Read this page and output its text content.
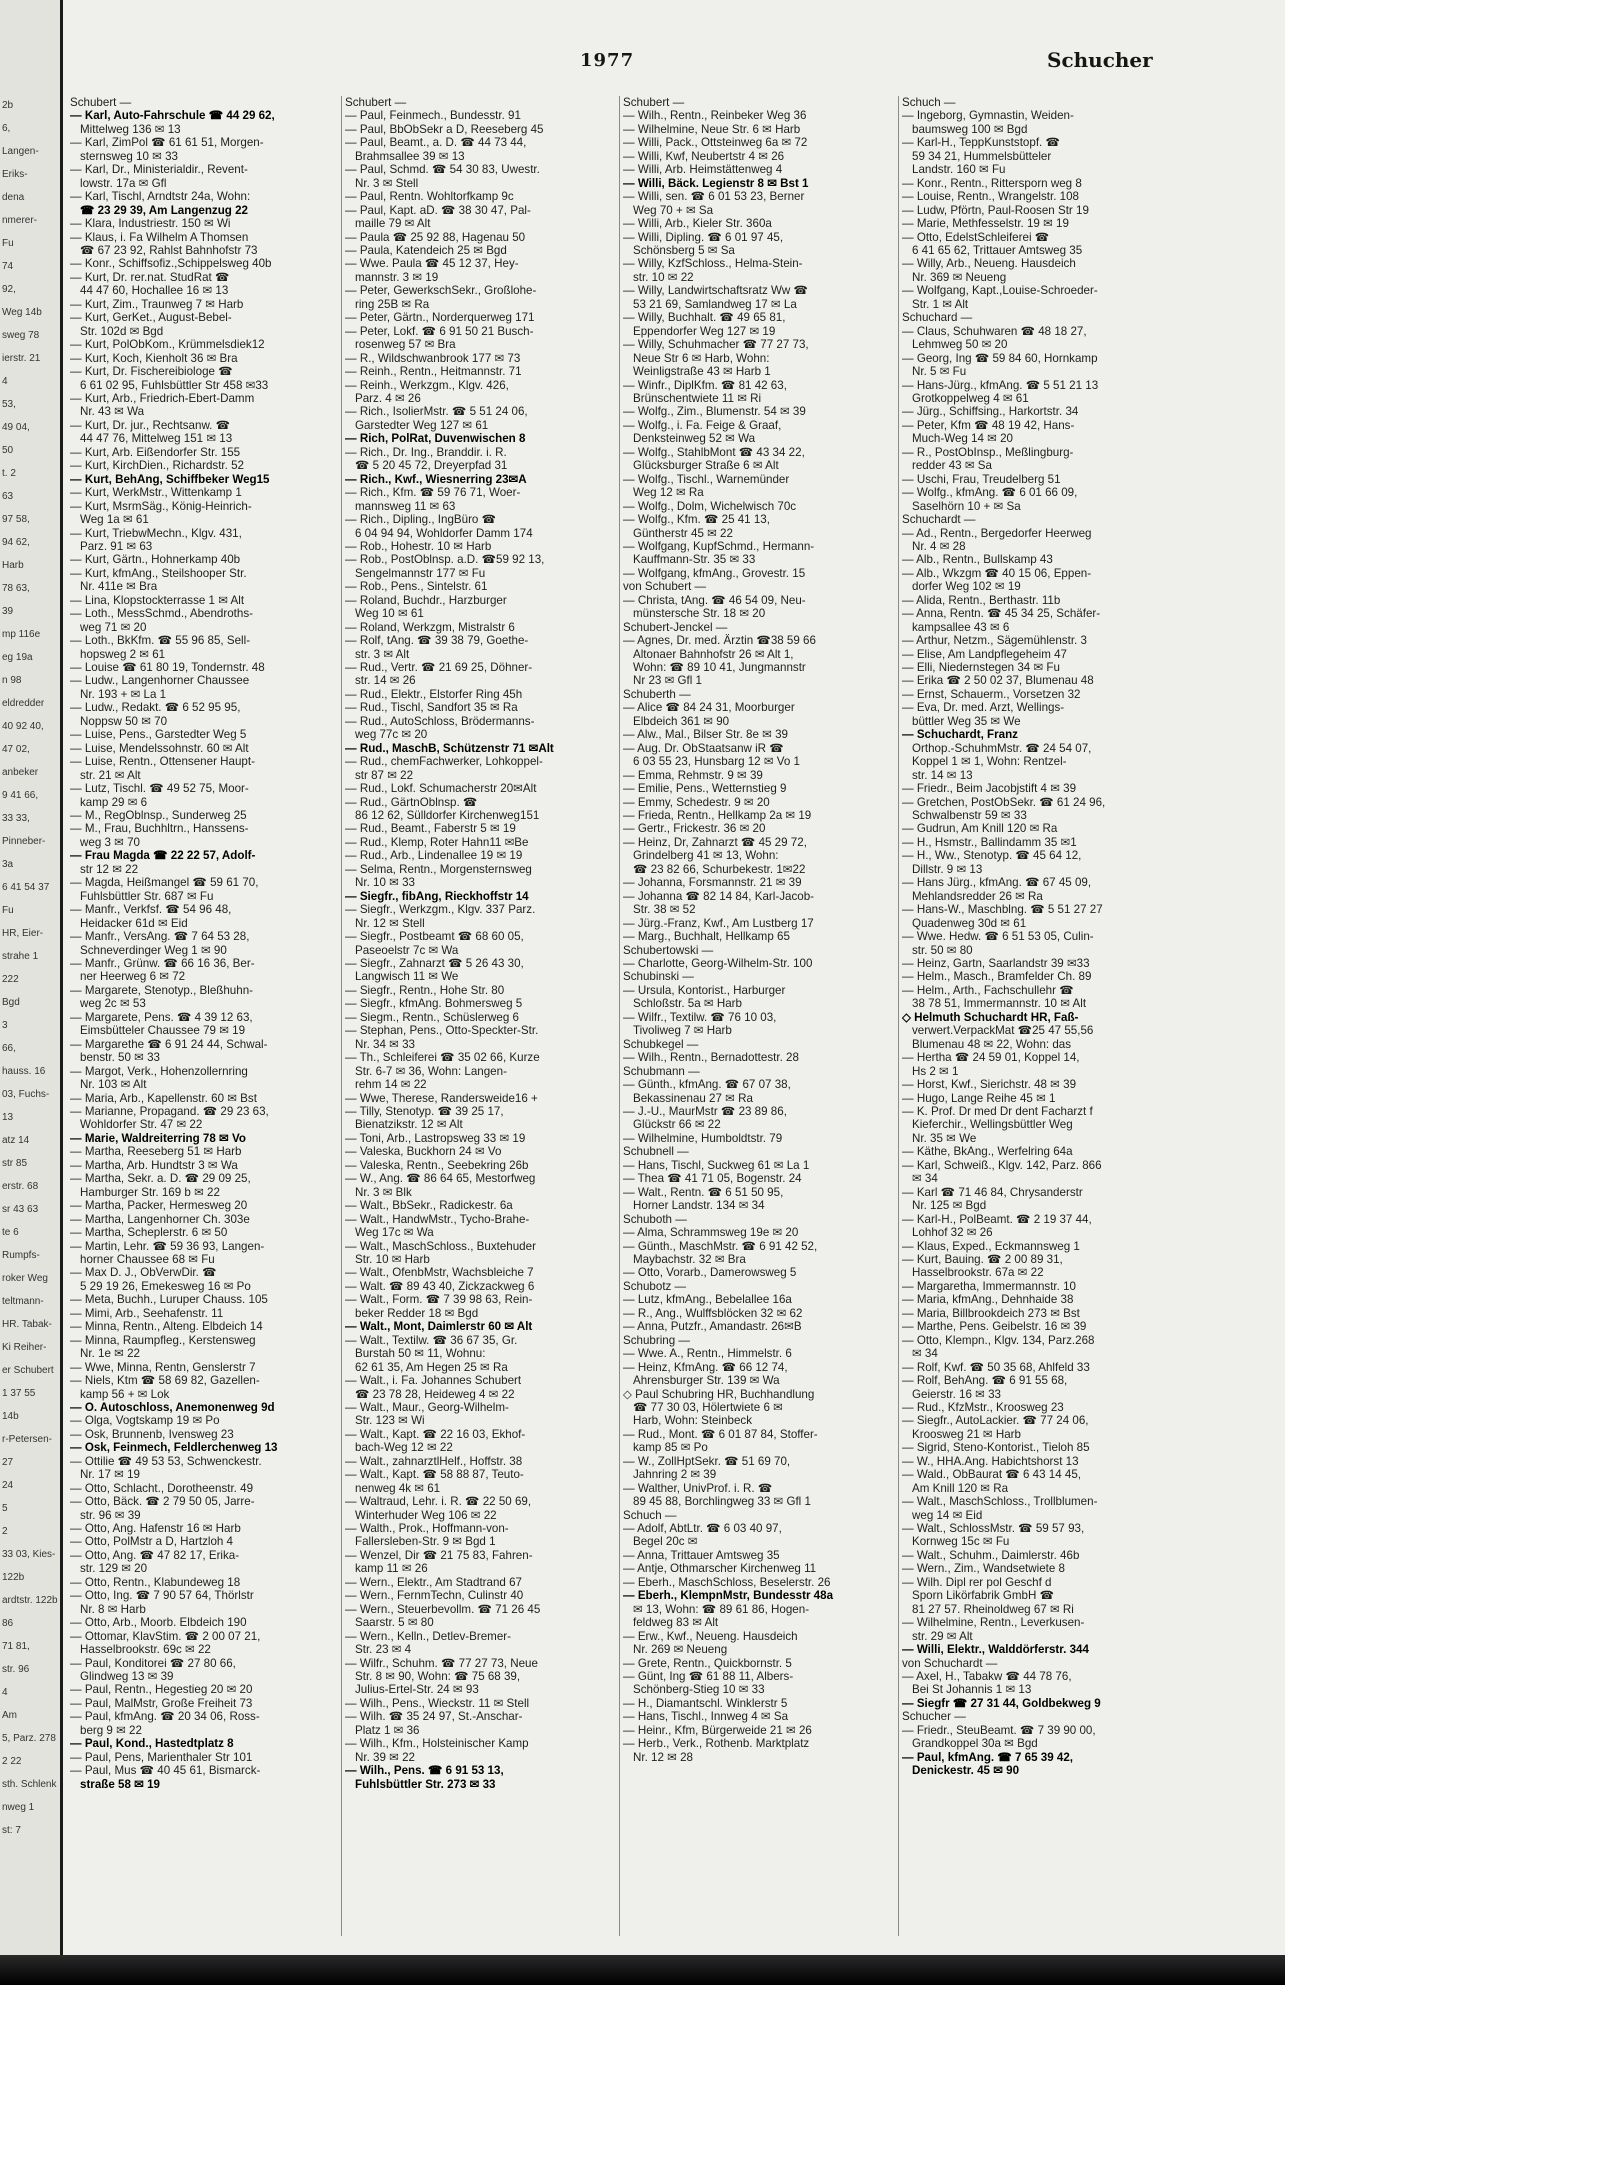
2b
6,
Langen-
Eriks-
dena
nmerer-
Fu
74
92,
Weg 14b
sweg 78
ierstr. 21
4
53,
49 04,
50
t. 2
63
97 58,
94 62,
Harb
78 63,
39
mp 116e
eg 19a
n 98
eldredder
40 92 40,
47 02,
anbeker
9 41 66,
33 33,
Pinneber-
3a
6 41 54 37
Fu
HR, Eier-
strahe 1
222
Bgd
3
66,
hauss. 16
03, Fuchs-
13
atz 14
str 85
erstr. 68
sr 43 63
te 6
Rumpfs-
roker Weg
teltmann-
HR. Tabak-
Ki Reiher-
er Schubert
1 37 55
14b
r-Petersen-
27
24
5
2
33 03, Kies-
122b
ardtstr. 122b
86
71 81,
str. 96
4
Am
5, Parz. 278
2 22
sth. Schlenk
nweg 1
st: 7
1977	Schucher
Schubert —
— Karl, Auto-Fahrschule ☎ 44 29 62,
Mittelweg 136 ✉ 13
— Karl, ZimPol ☎ 61 61 51, Morgen-
sternsweg 10 ✉ 33
— Karl, Dr., Ministerialdir., Revent-
lowstr. 17a ✉ Gfl
— Karl, Tischl, Arndtstr 24a, Wohn:
☎ 23 29 39, Am Langenzug 22
— Klara, Industriestr. 150 ✉ Wi
— Klaus, i. Fa Wilhelm A Thomsen
☎ 67 23 92, Rahlst Bahnhofstr 73
— Konr., Schiffsofiz.,Schippelsweg 40b
— Kurt, Dr. rer.nat. StudRat ☎
44 47 60, Hochallee 16 ✉ 13
— Kurt, Zim., Traunweg 7 ✉ Harb
— Kurt, GerKet., August-Bebel-
Str. 102d ✉ Bgd
— Kurt, PolObKom., Krümmelsdiek12
— Kurt, Koch, Kienholt 36 ✉ Bra
— Kurt, Dr. Fischereibiologe ☎
6 61 02 95, Fuhlsbüttler Str 458 ✉33
— Kurt, Arb., Friedrich-Ebert-Damm
Nr. 43 ✉ Wa
— Kurt, Dr. jur., Rechtsanw. ☎
44 47 76, Mittelweg 151 ✉ 13
— Kurt, Arb. Eißendorfer Str. 155
— Kurt, KirchDien., Richardstr. 52
— Kurt, BehAng, Schiffbeker Weg15
— Kurt, WerkMstr., Wittenkamp 1
— Kurt, MsrmSäg., König-Heinrich-
Weg 1a ✉ 61
— Kurt, TriebwMechn., Klgv. 431,
Parz. 91 ✉ 63
— Kurt, Gärtn., Hohnerkamp 40b
— Kurt, kfmAng., Steilshooper Str.
Nr. 411e ✉ Bra
— Lina, Klopstockterrasse 1 ✉ Alt
— Loth., MessSchmd., Abendroths-
weg 71 ✉ 20
— Loth., BkKfm. ☎ 55 96 85, Sell-
hopsweg 2 ✉ 61
— Louise ☎ 61 80 19, Tondernstr. 48
— Ludw., Langenhorner Chaussee
Nr. 193 + ✉ La 1
— Ludw., Redakt. ☎ 6 52 95 95,
Noppsw 50 ✉ 70
— Luise, Pens., Garstedter Weg 5
— Luise, Mendelssohnstr. 60 ✉ Alt
— Luise, Rentn., Ottensener Haupt-
str. 21 ✉ Alt
— Lutz, Tischl. ☎ 49 52 75, Moor-
kamp 29 ✉ 6
— M., RegOblnsp., Sunderweg 25
— M., Frau, Buchhltrn., Hanssens-
weg 3 ✉ 70
— Frau Magda ☎ 22 22 57, Adolf-
str 12 ✉ 22
— Magda, Heißmangel ☎ 59 61 70,
Fuhlsbüttler Str. 687 ✉ Fu
— Manfr., Verkfsf. ☎ 54 96 48,
Heidacker 61d ✉ Eid
— Manfr., VersAng. ☎ 7 64 53 28,
Schneverdinger Weg 1 ✉ 90
— Manfr., Grünw. ☎ 66 16 36, Ber-
ner Heerweg 6 ✉ 72
— Margarete, Stenotyp., Bleßhuhn-
weg 2c ✉ 53
— Margarete, Pens. ☎ 4 39 12 63,
Eimsbütteler Chaussee 79 ✉ 19
— Margarethe ☎ 6 91 24 44, Schwal-
benstr. 50 ✉ 33
— Margot, Verk., Hohenzollernring
Nr. 103 ✉ Alt
— Maria, Arb., Kapellenstr. 60 ✉ Bst
— Marianne, Propagand. ☎ 29 23 63,
Wohldorfer Str. 47 ✉ 22
— Marie, Waldreiterring 78 ✉ Vo
— Martha, Reeseberg 51 ✉ Harb
— Martha, Arb. Hundtstr 3 ✉ Wa
— Martha, Sekr. a. D. ☎ 29 09 25,
Hamburger Str. 169 b ✉ 22
— Martha, Packer, Hermesweg 20
— Martha, Langenhorner Ch. 303e
— Martha, Scheplerstr. 6 ✉ 50
— Martin, Lehr. ☎ 59 36 93, Langen-
horner Chaussee 68 ✉ Fu
— Max D. J., ObVerwDir. ☎
5 29 19 26, Emekesweg 16 ✉ Po
— Meta, Buchh., Luruper Chauss. 105
— Mimi, Arb., Seehafenstr. 11
— Minna, Rentn., Alteng. Elbdeich 14
— Minna, Raumpfleg., Kerstensweg
Nr. 1e ✉ 22
— Wwe, Minna, Rentn, Genslerstr 7
— Niels, Ktm ☎ 58 69 82, Gazellen-
kamp 56 + ✉ Lok
— O. Autoschloss, Anemonenweg 9d
— Olga, Vogtskamp 19 ✉ Po
— Osk, Brunnenb, Ivensweg 23
— Osk, Feinmech, Feldlerchenweg 13
— Ottilie ☎ 49 53 53, Schwenckestr.
Nr. 17 ✉ 19
— Otto, Schlacht., Dorotheenstr. 49
— Otto, Bäck. ☎ 2 79 50 05, Jarre-
str. 96 ✉ 39
— Otto, Ang. Hafenstr 16 ✉ Harb
— Otto, PolMstr a D, Hartzloh 4
— Otto, Ang. ☎ 47 82 17, Erika-
str. 129 ✉ 20
— Otto, Rentn., Klabundeweg 18
— Otto, Ing. ☎ 7 90 57 64, Thörlstr
Nr. 8 ✉ Harb
— Otto, Arb., Moorb. Elbdeich 190
— Ottomar, KlavStim. ☎ 2 00 07 21,
Hasselbrookstr. 69c ✉ 22
— Paul, Konditorei ☎ 27 80 66,
Glindweg 13 ✉ 39
— Paul, Rentn., Hegestieg 20 ✉ 20
— Paul, MalMstr, Große Freiheit 73
— Paul, kfmAng. ☎ 20 34 06, Ross-
berg 9 ✉ 22
— Paul, Kond., Hastedtplatz 8
— Paul, Pens, Marienthaler Str 101
— Paul, Mus ☎ 40 45 61, Bismarck-
straße 58 ✉ 19
Schubert —
— Paul, Feinmech., Bundesstr. 91
— Paul, BbObSekr a D, Reeseberg 45
— Paul, Beamt., a. D. ☎ 44 73 44,
Brahmsallee 39 ✉ 13
— Paul, Schmd. ☎ 54 30 83, Uwestr.
Nr. 3 ✉ Stell
— Paul, Rentn. Wohltorfkamp 9c
— Paul, Kapt. aD. ☎ 38 30 47, Pal-
maille 79 ✉ Alt
— Paula ☎ 25 92 88, Hagenau 50
— Paula, Katendeich 25 ✉ Bgd
— Wwe. Paula ☎ 45 12 37, Hey-
mannstr. 3 ✉ 19
— Peter, GewerkschSekr., Großlohe-
ring 25B ✉ Ra
— Peter, Gärtn., Norderquerweg 171
— Peter, Lokf. ☎ 6 91 50 21 Busch-
rosenweg 57 ✉ Bra
— R., Wildschwanbrook 177 ✉ 73
— Reinh., Rentn., Heitmannstr. 71
— Reinh., Werkzgm., Klgv. 426,
Parz. 4 ✉ 26
— Rich., IsolierMstr. ☎ 5 51 24 06,
Garstedter Weg 127 ✉ 61
— Rich, PolRat, Duvenwischen 8
— Rich., Dr. Ing., Branddir. i. R.
☎ 5 20 45 72, Dreyerpfad 31
— Rich., Kwf., Wiesnerring 23✉A
— Rich., Kfm. ☎ 59 76 71, Woer-
mannsweg 11 ✉ 63
— Rich., Dipling., IngBüro ☎
6 04 94 94, Wohldorfer Damm 174
— Rob., Hohestr. 10 ✉ Harb
— Rob., PostOblnsp. a.D. ☎59 92 13,
Sengelmannstr 177 ✉ Fu
— Rob., Pens., Sintelstr. 61
— Roland, Buchdr., Harzburger
Weg 10 ✉ 61
— Roland, Werkzgm, Mistralstr 6
— Rolf, tAng. ☎ 39 38 79, Goethe-
str. 3 ✉ Alt
— Rud., Vertr. ☎ 21 69 25, Döhner-
str. 14 ✉ 26
— Rud., Elektr., Elstorfer Ring 45h
— Rud., Tischl, Sandfort 35 ✉ Ra
— Rud., AutoSchloss, Brödermanns-
weg 77c ✉ 20
— Rud., MaschB, Schützenstr 71 ✉Alt
— Rud., chemFachwerker, Lohkoppel-
str 87 ✉ 22
— Rud., Lokf. Schumacherstr 20✉Alt
— Rud., GärtnOblnsp. ☎
86 12 62, Sülldorfer Kirchenweg151
— Rud., Beamt., Faberstr 5 ✉ 19
— Rud., Klemp, Roter Hahn11 ✉Be
— Rud., Arb., Lindenallee 19 ✉ 19
— Selma, Rentn., Morgensternsweg
Nr. 10 ✉ 33
— Siegfr., fibAng, Rieckhoffstr 14
— Siegfr., Werkzgm., Klgv. 337 Parz.
Nr. 12 ✉ Stell
— Siegfr., Postbeamt ☎ 68 60 05,
Paseoelstr 7c ✉ Wa
— Siegfr., Zahnarzt ☎ 5 26 43 30,
Langwisch 11 ✉ We
— Siegfr., Rentn., Hohe Str. 80
— Siegfr., kfmAng. Bohmersweg 5
— Siegm., Rentn., Schüslerweg 6
— Stephan, Pens., Otto-Speckter-Str.
Nr. 34 ✉ 33
— Th., Schleiferei ☎ 35 02 66, Kurze
Str. 6-7 ✉ 36, Wohn: Langen-
rehm 14 ✉ 22
— Wwe, Therese, Randersweide16 +
— Tilly, Stenotyp. ☎ 39 25 17,
Bienatzikstr. 12 ✉ Alt
— Toni, Arb., Lastropsweg 33 ✉ 19
— Valeska, Buckhorn 24 ✉ Vo
— Valeska, Rentn., Seebekring 26b
— W., Ang. ☎ 86 64 65, Mestorfweg
Nr. 3 ✉ Blk
— Walt., BbSekr., Radickestr. 6a
— Walt., HandwMstr., Tycho-Brahe-
Weg 17c ✉ Wa
— Walt., MaschSchloss., Buxtehuder
Str. 10 ✉ Harb
— Walt., OfenbMstr, Wachsbleiche 7
— Walt. ☎ 89 43 40, Zickzackweg 6
— Walt., Form. ☎ 7 39 98 63, Rein-
beker Redder 18 ✉ Bgd
— Walt., Mont, Daimlerstr 60 ✉ Alt
— Walt., Textilw. ☎ 36 67 35, Gr.
Burstah 50 ✉ 11, Wohnu:
62 61 35, Am Hegen 25 ✉ Ra
— Walt., i. Fa. Johannes Schubert
☎ 23 78 28, Heideweg 4 ✉ 22
— Walt., Maur., Georg-Wilhelm-
Str. 123 ✉ Wi
— Walt., Kapt. ☎ 22 16 03, Ekhof-
bach-Weg 12 ✉ 22
— Walt., zahnarztlHelf., Hoffstr. 38
— Walt., Kapt. ☎ 58 88 87, Teuto-
nenweg 4k ✉ 61
— Waltraud, Lehr. i. R. ☎ 22 50 69,
Winterhuder Weg 106 ✉ 22
— Walth., Prok., Hoffmann-von-
Fallersleben-Str. 9 ✉ Bgd 1
— Wenzel, Dir ☎ 21 75 83, Fahren-
kamp 11 ✉ 26
— Wern., Elektr., Am Stadtrand 67
— Wern., FernmTechn, Culinstr 40
— Wern., Steuerbevollm. ☎ 71 26 45
Saarstr. 5 ✉ 80
— Wern., Kelln., Detlev-Bremer-
Str. 23 ✉ 4
— Wilfr., Schuhm. ☎ 77 27 73, Neue
Str. 8 ✉ 90, Wohn: ☎ 75 68 39,
Julius-Ertel-Str. 24 ✉ 93
— Wilh., Pens., Wieckstr. 11 ✉ Stell
— Wilh. ☎ 35 24 97, St.-Anschar-
Platz 1 ✉ 36
— Wilh., Kfm., Holsteinischer Kamp
Nr. 39 ✉ 22
— Wilh., Pens. ☎ 6 91 53 13,
Fuhlsbüttler Str. 273 ✉ 33
Schubert —
— Wilh., Rentn., Reinbeker Weg 36
— Wilhelmine, Neue Str. 6 ✉ Harb
— Willi, Pack., Ottsteinweg 6a ✉ 72
— Willi, Kwf, Neubertstr 4 ✉ 26
— Willi, Arb. Heimstättenweg 4
— Willi, Bäck. Legienstr 8 ✉ Bst 1
— Willi, sen. ☎ 6 01 53 23, Berner
Weg 70 + ✉ Sa
— Willi, Arb., Kieler Str. 360a
— Willi, Dipling. ☎ 6 01 97 45,
Schönsberg 5 ✉ Sa
— Willy, KzfSchloss., Helma-Stein-
str. 10 ✉ 22
— Willy, Landwirtschaftsratz Ww ☎
53 21 69, Samlandweg 17 ✉ La
— Willy, Buchhalt. ☎ 49 65 81,
Eppendorfer Weg 127 ✉ 19
— Willy, Schuhmacher ☎ 77 27 73,
Neue Str 6 ✉ Harb, Wohn:
Weinligstraße 43 ✉ Harb 1
— Winfr., DiplKfm. ☎ 81 42 63,
Brünschentwiete 11 ✉ Ri
— Wolfg., Zim., Blumenstr. 54 ✉ 39
— Wolfg., i. Fa. Feige & Graaf,
Denksteinweg 52 ✉ Wa
— Wolfg., StahlbMont ☎ 43 34 22,
Glücksburger Straße 6 ✉ Alt
— Wolfg., Tischl., Warnemünder
Weg 12 ✉ Ra
— Wolfg., Dolm, Wichelwisch 70c
— Wolfg., Kfm. ☎ 25 41 13,
Güntherstr 45 ✉ 22
— Wolfgang, KupfSchmd., Hermann-
Kauffmann-Str. 35 ✉ 33
— Wolfgang, kfmAng., Grovestr. 15
von Schubert —
— Christa, tAng. ☎ 46 54 09, Neu-
münstersche Str. 18 ✉ 20
Schubert-Jenckel —
— Agnes, Dr. med. Ärztin ☎38 59 66
Altonaer Bahnhofstr 26 ✉ Alt 1,
Wohn: ☎ 89 10 41, Jungmannstr
Nr 23 ✉ Gfl 1
Schuberth —
— Alice ☎ 84 24 31, Moorburger
Elbdeich 361 ✉ 90
— Alw., Mal., Bilser Str. 8e ✉ 39
— Aug. Dr. ObStaatsanw iR ☎
6 03 55 23, Hunsbarg 12 ✉ Vo 1
— Emma, Rehmstr. 9 ✉ 39
— Emilie, Pens., Wetternstieg 9
— Emmy, Schedestr. 9 ✉ 20
— Frieda, Rentn., Hellkamp 2a ✉ 19
— Gertr., Frickestr. 36 ✉ 20
— Heinz, Dr, Zahnarzt ☎ 45 29 72,
Grindelberg 41 ✉ 13, Wohn:
☎ 23 82 66, Schurbekestr. 1✉22
— Johanna, Forsmannstr. 21 ✉ 39
— Johanna ☎ 82 14 84, Karl-Jacob-
Str. 38 ✉ 52
— Jürg.-Franz, Kwf., Am Lustberg 17
— Marg., Buchhalt, Hellkamp 65
Schubertowski —
— Charlotte, Georg-Wilhelm-Str. 100
Schubinski —
— Ursula, Kontorist., Harburger
Schloßstr. 5a ✉ Harb
— Wilfr., Textilw. ☎ 76 10 03,
Tivoliweg 7 ✉ Harb
Schubkegel —
— Wilh., Rentn., Bernadottestr. 28
Schubmann —
— Günth., kfmAng. ☎ 67 07 38,
Bekassinenau 27 ✉ Ra
— J.-U., MaurMstr ☎ 23 89 86,
Glückstr 66 ✉ 22
— Wilhelmine, Humboldtstr. 79
Schubnell —
— Hans, Tischl, Suckweg 61 ✉ La 1
— Thea ☎ 41 71 05, Bogenstr. 24
— Walt., Rentn. ☎ 6 51 50 95,
Horner Landstr. 134 ✉ 34
Schuboth —
— Alma, Schrammsweg 19e ✉ 20
— Günth., MaschMstr. ☎ 6 91 42 52,
Maybachstr. 32 ✉ Bra
— Otto, Vorarb., Damerowsweg 5
Schubotz —
— Lutz, kfmAng., Bebelallee 16a
— R., Ang., Wulffsblöcken 32 ✉ 62
— Anna, Putzfr., Amandastr. 26✉B
Schubring —
— Wwe. A., Rentn., Himmelstr. 6
— Heinz, KfmAng. ☎ 66 12 74,
Ahrensburger Str. 139 ✉ Wa
◇ Paul Schubring HR, Buchhandlung
☎ 77 30 03, Hölertwiete 6 ✉
Harb, Wohn: Steinbeck
— Rud., Mont. ☎ 6 01 87 84, Stoffer-
kamp 85 ✉ Po
— W., ZollHptSekr. ☎ 51 69 70,
Jahnring 2 ✉ 39
— Walther, UnivProf. i. R. ☎
89 45 88, Borchlingweg 33 ✉ Gfl 1
Schuch —
— Adolf, AbtLtr. ☎ 6 03 40 97,
Begel 20c ✉
— Anna, Trittauer Amtsweg 35
— Antje, Othmarscher Kirchenweg 11
— Eberh., MaschSchloss, Beselerstr. 26
— Eberh., KlempnMstr, Bundesstr 48a
✉ 13, Wohn: ☎ 89 61 86, Hogen-
feldweg 83 ✉ Alt
— Erw., Kwf., Neueng. Hausdeich
Nr. 269 ✉ Neueng
— Grete, Rentn., Quickbornstr. 5
— Günt, Ing ☎ 61 88 11, Albers-
Schönberg-Stieg 10 ✉ 33
— H., Diamantschl. Winklerstr 5
— Hans, Tischl., Innweg 4 ✉ Sa
— Heinr., Kfm, Bürgerweide 21 ✉ 26
— Herb., Verk., Rothenb. Marktplatz
Nr. 12 ✉ 28
Schuch —
— Ingeborg, Gymnastin, Weiden-
baumsweg 100 ✉ Bgd
— Karl-H., TeppKunststopf. ☎
59 34 21, Hummelsbütteler
Landstr. 160 ✉ Fu
— Konr., Rentn., Rittersporn weg 8
— Louise, Rentn., Wrangelstr. 108
— Ludw, Pförtn, Paul-Roosen Str 19
— Marie, Methfesselstr. 19 ✉ 19
— Otto, EdelstSchleiferei ☎
6 41 65 62, Trittauer Amtsweg 35
— Willy, Arb., Neueng. Hausdeich
Nr. 369 ✉ Neueng
— Wolfgang, Kapt.,Louise-Schroeder-
Str. 1 ✉ Alt
Schuchard —
— Claus, Schuhwaren ☎ 48 18 27,
Lehmweg 50 ✉ 20
— Georg, Ing ☎ 59 84 60, Hornkamp
Nr. 5 ✉ Fu
— Hans-Jürg., kfmAng. ☎ 5 51 21 13
Grotkoppelweg 4 ✉ 61
— Jürg., Schiffsing., Harkortstr. 34
— Peter, Kfm ☎ 48 19 42, Hans-
Much-Weg 14 ✉ 20
— R., PostObInsp., Meßlingburg-
redder 43 ✉ Sa
— Uschi, Frau, Treudelberg 51
— Wolfg., kfmAng. ☎ 6 01 66 09,
Saselhörn 10 + ✉ Sa
Schuchardt —
— Ad., Rentn., Bergedorfer Heerweg
Nr. 4 ✉ 28
— Alb., Rentn., Bullskamp 43
— Alb., Wkzgm ☎ 40 15 06, Eppen-
dorfer Weg 102 ✉ 19
— Alida, Rentn., Berthastr. 11b
— Anna, Rentn. ☎ 45 34 25, Schäfer-
kampsallee 43 ✉ 6
— Arthur, Netzm., Sägemühlenstr. 3
— Elise, Am Landpflegeheim 47
— Elli, Niedernstegen 34 ✉ Fu
— Erika ☎ 2 50 02 37, Blumenau 48
— Ernst, Schauerm., Vorsetzen 32
— Eva, Dr. med. Arzt, Wellings-
büttler Weg 35 ✉ We
— Schuchardt, Franz
Orthop.-SchuhmMstr. ☎ 24 54 07,
Koppel 1 ✉ 1, Wohn: Rentzel-
str. 14 ✉ 13
— Friedr., Beim Jacobjstift 4 ✉ 39
— Gretchen, PostObSekr. ☎ 61 24 96,
Schwalbenstr 59 ✉ 33
— Gudrun, Am Knill 120 ✉ Ra
— H., Hsmstr., Ballindamm 35 ✉1
— H., Ww., Stenotyp. ☎ 45 64 12,
Dillstr. 9 ✉ 13
— Hans Jürg., kfmAng. ☎ 67 45 09,
Mehlandsredder 26 ✉ Ra
— Hans-W., Maschblng. ☎ 5 51 27 27
Quadenweg 30d ✉ 61
— Wwe. Hedw. ☎ 6 51 53 05, Culin-
str. 50 ✉ 80
— Heinz, Gartn, Saarlandstr 39 ✉33
— Helm., Masch., Bramfelder Ch. 89
— Helm., Arth., Fachschullehr ☎
38 78 51, Immermannstr. 10 ✉ Alt
◇ Helmuth Schuchardt HR, Faß-
verwert.VerpackMat ☎25 47 55,56
Blumenau 48 ✉ 22, Wohn: das
— Hertha ☎ 24 59 01, Koppel 14,
Hs 2 ✉ 1
— Horst, Kwf., Sierichstr. 48 ✉ 39
— Hugo, Lange Reihe 45 ✉ 1
— K. Prof. Dr med Dr dent Facharzt f
Kieferchir., Wellingsbüttler Weg
Nr. 35 ✉ We
— Käthe, BkAng., Werfelring 64a
— Karl, Schweiß., Klgv. 142, Parz. 866
✉ 34
— Karl ☎ 71 46 84, Chrysanderstr
Nr. 125 ✉ Bgd
— Karl-H., PolBeamt. ☎ 2 19 37 44,
Lohhof 32 ✉ 26
— Klaus, Exped., Eckmannsweg 1
— Kurt, Bauing. ☎ 2 00 89 31,
Hasselbrookstr. 67a ✉ 22
— Margaretha, Immermannstr. 10
— Maria, kfmAng., Dehnhaide 38
— Maria, Billbrookdeich 273 ✉ Bst
— Marthe, Pens. Geibelstr. 16 ✉ 39
— Otto, Klempn., Klgv. 134, Parz.268
✉ 34
— Rolf, Kwf. ☎ 50 35 68, Ahlfeld 33
— Rolf, BehAng. ☎ 6 91 55 68,
Geierstr. 16 ✉ 33
— Rud., KfzMstr., Kroosweg 23
— Siegfr., AutoLackier. ☎ 77 24 06,
Kroosweg 21 ✉ Harb
— Sigrid, Steno-Kontorist., Tieloh 85
— W., HHA.Ang. Habichtshorst 13
— Wald., ObBaurat ☎ 6 43 14 45,
Am Knill 120 ✉ Ra
— Walt., MaschSchloss., Trollblumen-
weg 14 ✉ Eid
— Walt., SchlossMstr. ☎ 59 57 93,
Kornweg 15c ✉ Fu
— Walt., Schuhm., Daimlerstr. 46b
— Wern., Zim., Wandsetwiete 8
— Wilh. Dipl rer pol Geschf d
Sporn Likörfabrik GmbH ☎
81 27 57. Rheinoldweg 67 ✉ Ri
— Wilhelmine, Rentn., Leverkusen-
str. 29 ✉ Alt
— Willi, Elektr., Walddörferstr. 344
von Schuchardt —
— Axel, H., Tabakw ☎ 44 78 76,
Bei St Johannis 1 ✉ 13
— Siegfr ☎ 27 31 44, Goldbekweg 9
Schucher —
— Friedr., SteuBeamt. ☎ 7 39 90 00,
Grandkoppel 30a ✉ Bgd
— Paul, kfmAng. ☎ 7 65 39 42,
Denickestr. 45 ✉ 90
